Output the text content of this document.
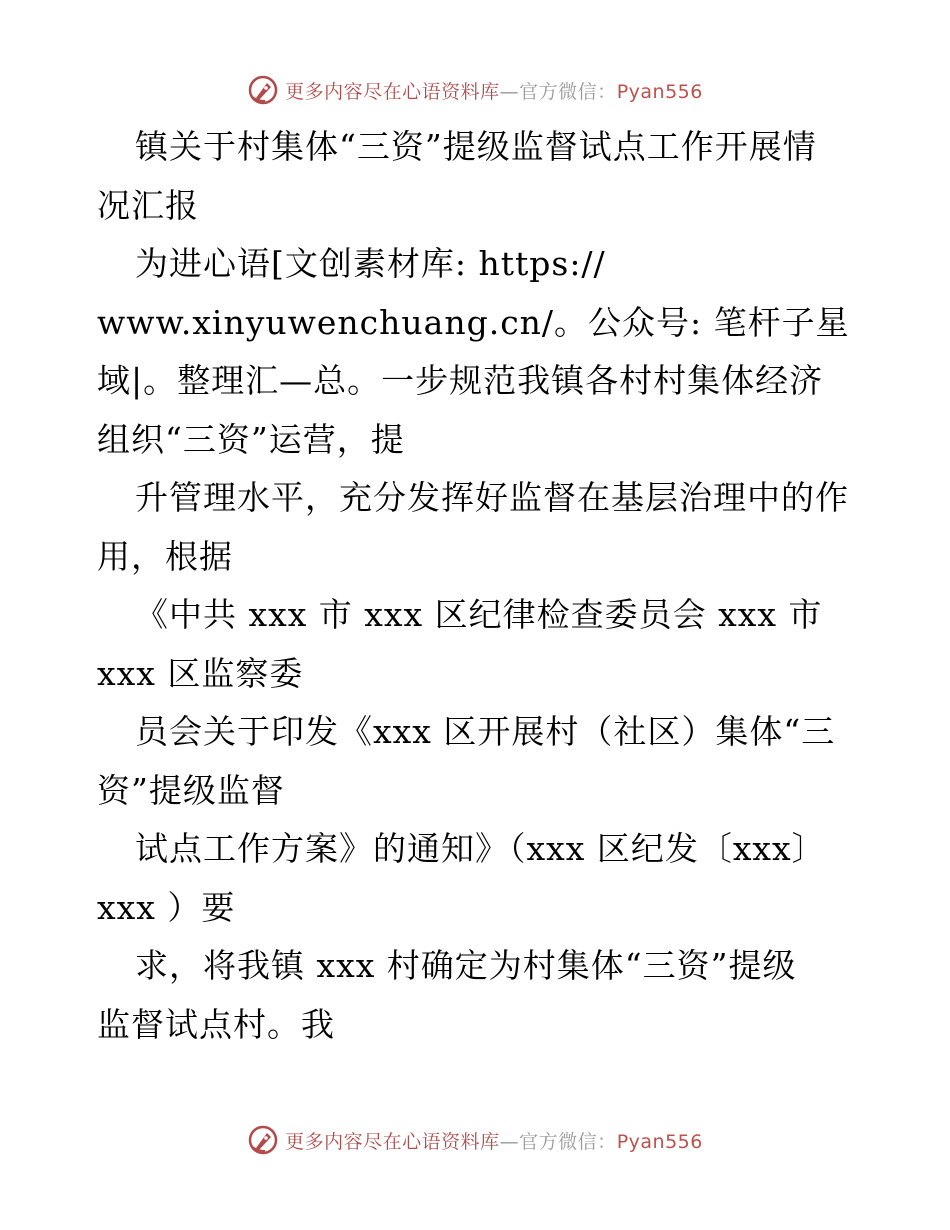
更多内容尽在心语资料库—官方微信：Pyan556
镇关于村集体“三资”提级监督试点工作开展情
况汇报
为进心语[文创素材库: https://
www.xinyuwenchuang.cn/。公众号: 笔杆子星
域|。整理汇—总。一步规范我镇各村村集体经济
组织“三资”运营，提
升管理水平，充分发挥好监督在基层治理中的作
用，根据
《中共 xxx 市 xxx 区纪律检查委员会 xxx 市
xxx 区监察委
员会关于印发《xxx 区开展村（社区）集体“三
资”提级监督
试点工作方案》的通知》（xxx 区纪发〔xxx〕
xxx ）要
求，将我镇 xxx 村确定为村集体“三资”提级
监督试点村。我
更多内容尽在心语资料库—官方微信：Pyan556
